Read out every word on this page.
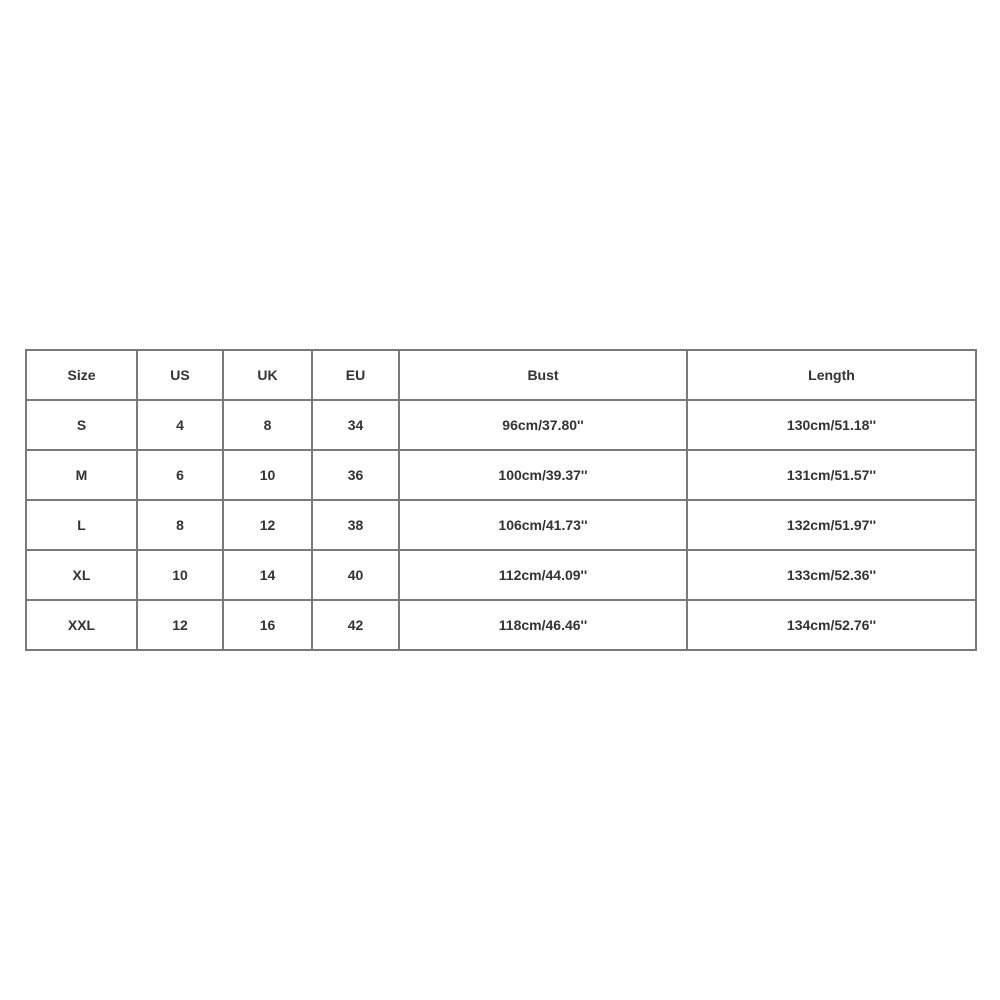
Size	US	UK	EU	Bust	Length
S	4	8	34	96cm/37.80''	130cm/51.18''
M	6	10	36	100cm/39.37''	131cm/51.57''
L	8	12	38	106cm/41.73''	132cm/51.97''
XL	10	14	40	112cm/44.09''	133cm/52.36''
XXL	12	16	42	118cm/46.46''	134cm/52.76''
